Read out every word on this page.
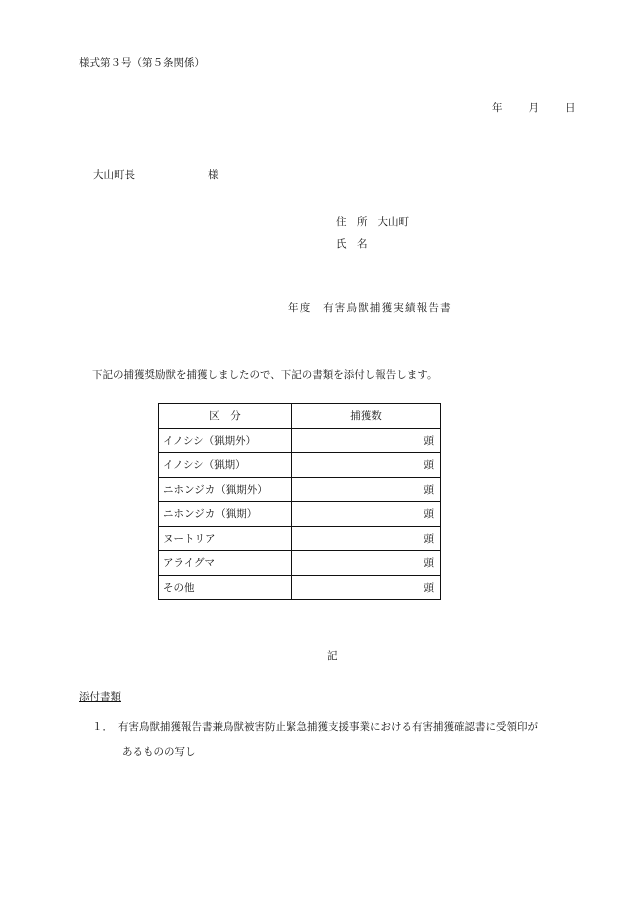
様式第３号（第５条関係）
年 月 日
大山町長	様
住　所 大山町
氏　名
年度　有害鳥獣捕獲実績報告書
下記の捕獲奨励獣を捕獲しましたので、下記の書類を添付し報告します。
区　分	捕獲数
イノシシ（猟期外）	頭
イノシシ（猟期）	頭
ニホンジカ（猟期外）	頭
ニホンジカ（猟期）	頭
ヌートリア	頭
アライグマ	頭
その他	頭
記
添付書類
１． 有害鳥獣捕獲報告書兼鳥獣被害防止緊急捕獲支援事業における有害捕獲確認書に受領印が
あるものの写し
